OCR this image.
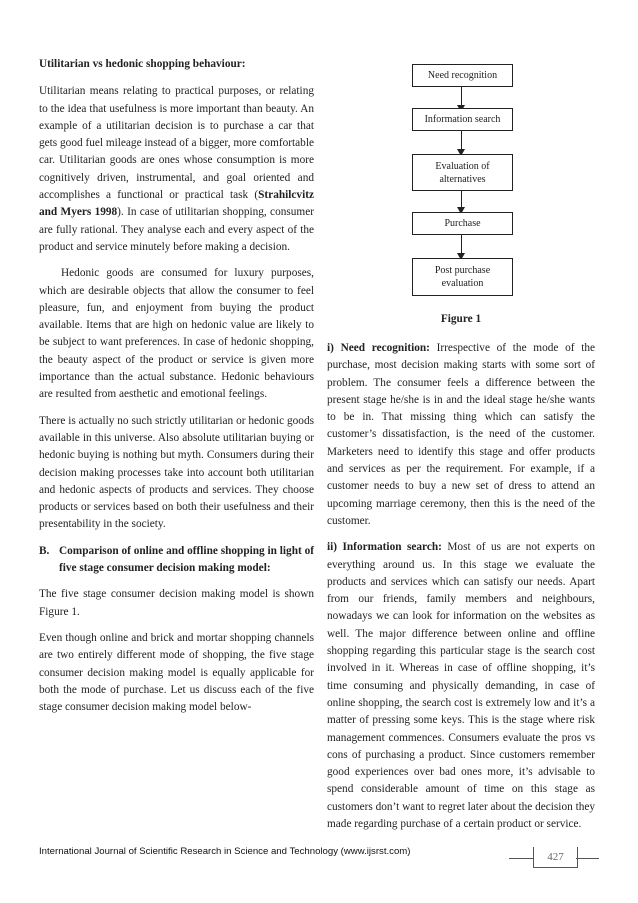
Utilitarian vs hedonic shopping behaviour:

Utilitarian means relating to practical purposes, or relating to the idea that usefulness is more important than beauty. An example of a utilitarian decision is to purchase a car that gets good fuel mileage instead of a bigger, more comfortable car. Utilitarian goods are ones whose consumption is more cognitively driven, instrumental, and goal oriented and accomplishes a functional or practical task (Strahilcvitz and Myers 1998). In case of utilitarian shopping, consumer are fully rational. They analyse each and every aspect of the product and service minutely before making a decision.

Hedonic goods are consumed for luxury purposes, which are desirable objects that allow the consumer to feel pleasure, fun, and enjoyment from buying the product available. Items that are high on hedonic value are likely to be subject to want preferences. In case of hedonic shopping, the beauty aspect of the product or service is given more importance than the actual substance. Hedonic behaviours are resulted from aesthetic and emotional feelings.

There is actually no such strictly utilitarian or hedonic goods available in this universe. Also absolute utilitarian buying or hedonic buying is nothing but myth. Consumers during their decision making processes take into account both utilitarian and hedonic aspects of products and services. They choose products or services based on both their usefulness and their presentability in the society.

B. Comparison of online and offline shopping in light of five stage consumer decision making model:

The five stage consumer decision making model is shown Figure 1.

Even though online and brick and mortar shopping channels are two entirely different mode of shopping, the five stage consumer decision making model is equally applicable for both the mode of purchase. Let us discuss each of the five stage consumer decision making model below-

Need recognition
Information search
Evaluation of alternatives
Purchase
Post purchase evaluation
Figure 1

i) Need recognition: Irrespective of the mode of the purchase, most decision making starts with some sort of problem. The consumer feels a difference between the present stage he/she is in and the ideal stage he/she wants to be in. That missing thing which can satisfy the customer’s dissatisfaction, is the need of the customer. Marketers need to identify this stage and offer products and services as per the requirement. For example, if a customer needs to buy a new set of dress to attend an upcoming marriage ceremony, then this is the need of the customer.

ii) Information search: Most of us are not experts on everything around us. In this stage we evaluate the products and services which can satisfy our needs. Apart from our friends, family members and neighbours, nowadays we can look for information on the websites as well. The major difference between online and offline shopping regarding this particular stage is the search cost involved in it. Whereas in case of offline shopping, it’s time consuming and physically demanding, in case of online shopping, the search cost is extremely low and it’s a matter of pressing some keys. This is the stage where risk management commences. Consumers evaluate the pros vs cons of purchasing a product. Since customers remember good experiences over bad ones more, it’s advisable to spend considerable amount of time on this stage as customers don’t want to regret later about the decision they made regarding purchase of a certain product or service.

International Journal of Scientific Research in Science and Technology (www.ijsrst.com)	427
